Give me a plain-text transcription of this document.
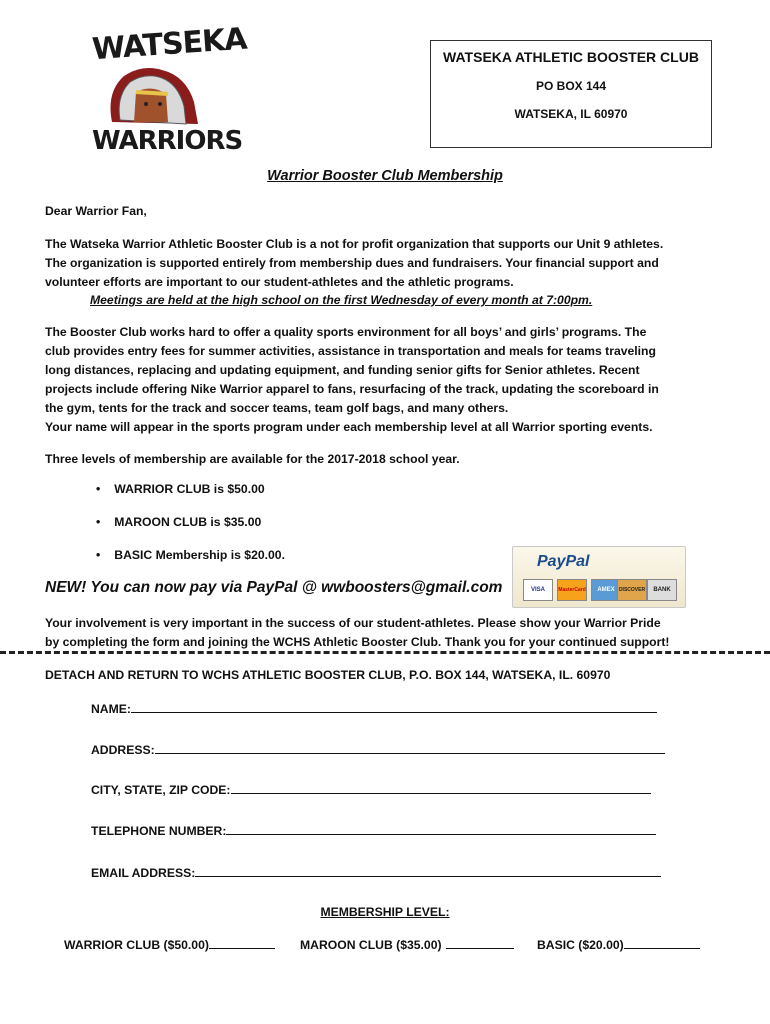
WATSEKA
WARRIORS
WATSEKA ATHLETIC BOOSTER CLUB
PO BOX 144
WATSEKA, IL 60970
Warrior Booster Club Membership
Dear Warrior Fan,
The Watseka Warrior Athletic Booster Club is a not for profit organization that supports our Unit 9 athletes.
The organization is supported entirely from membership dues and fundraisers. Your financial support and
volunteer efforts are important to our student-athletes and the athletic programs.
Meetings are held at the high school on the first Wednesday of every month at 7:00pm.
The Booster Club works hard to offer a quality sports environment for all boys’ and girls’ programs. The
club provides entry fees for summer activities, assistance in transportation and meals for teams traveling
long distances, replacing and updating equipment, and funding senior gifts for Senior athletes. Recent
projects include offering Nike Warrior apparel to fans, resurfacing of the track, updating the scoreboard in
the gym, tents for the track and soccer teams, team golf bags, and many others.
Your name will appear in the sports program under each membership level at all Warrior sporting events.
Three levels of membership are available for the 2017-2018 school year.
• WARRIOR CLUB is $50.00
• MAROON CLUB is $35.00
• BASIC Membership is $20.00.	PayPal
VISA	MasterCard	AMEX DISCOVER	BANK
NEW! You can now pay via PayPal @ wwboosters@gmail.com
Your involvement is very important in the success of our student-athletes. Please show your Warrior Pride
by completing the form and joining the WCHS Athletic Booster Club. Thank you for your continued support!
DETACH AND RETURN TO WCHS ATHLETIC BOOSTER CLUB, P.O. BOX 144, WATSEKA, IL. 60970
NAME:
ADDRESS:
CITY, STATE, ZIP CODE:
TELEPHONE NUMBER:
EMAIL ADDRESS:
MEMBERSHIP LEVEL:
WARRIOR CLUB ($50.00)	MAROON CLUB ($35.00)	BASIC ($20.00)
